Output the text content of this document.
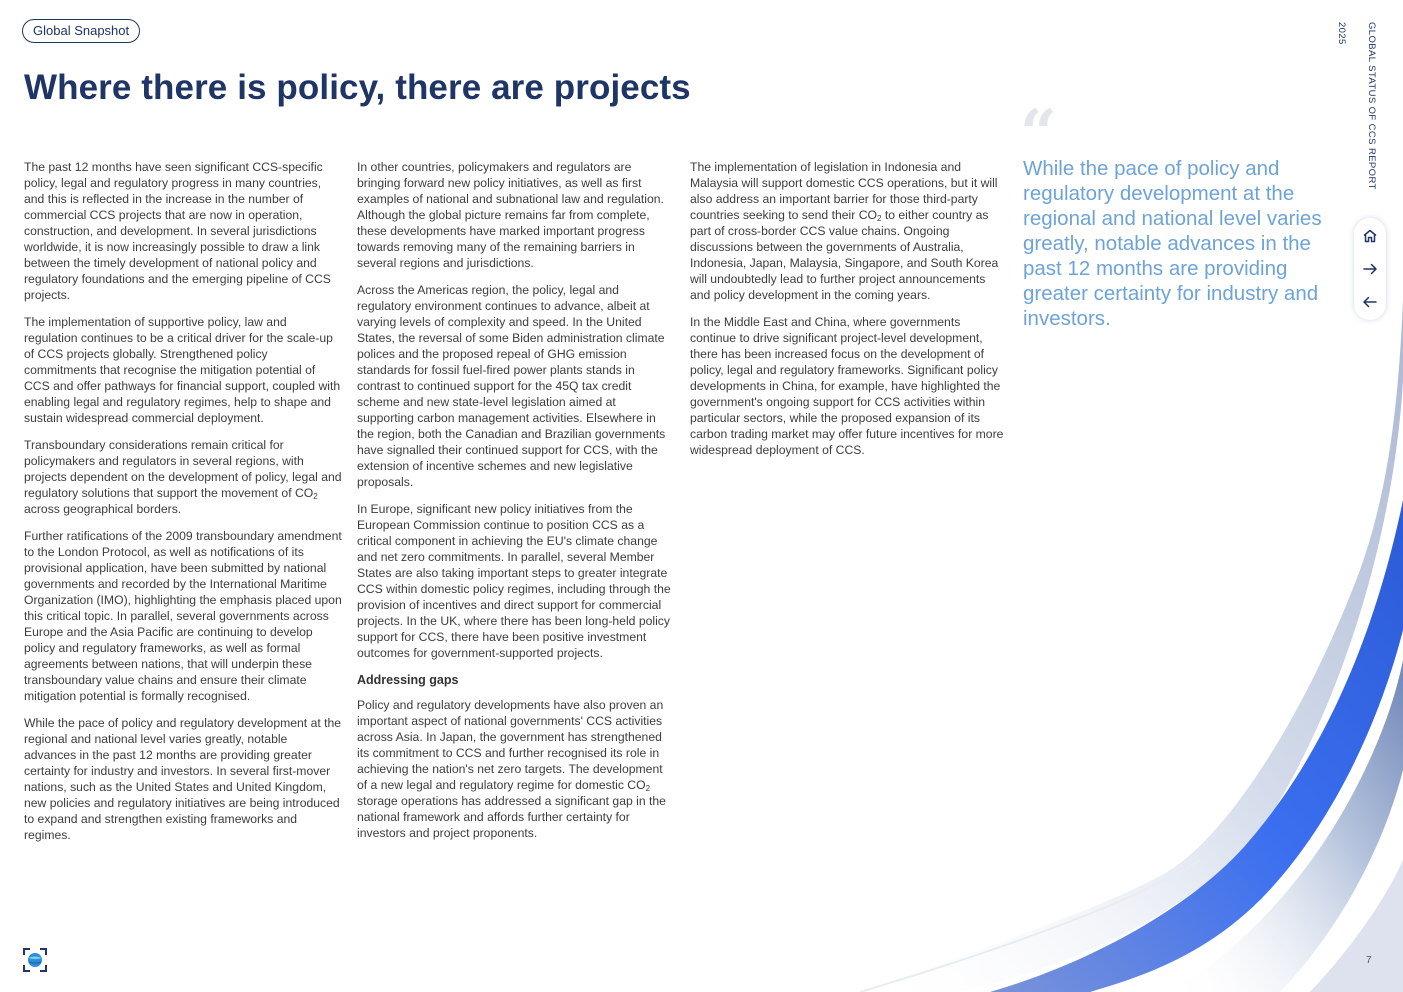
Global Snapshot
Where there is policy, there are projects

The past 12 months have seen significant CCS-specific policy, legal and regulatory progress in many countries, and this is reflected in the increase in the number of commercial CCS projects that are now in operation, construction, and development. In several jurisdictions worldwide, it is now increasingly possible to draw a link between the timely development of national policy and regulatory foundations and the emerging pipeline of CCS projects.

The implementation of supportive policy, law and regulation continues to be a critical driver for the scale-up of CCS projects globally. Strengthened policy commitments that recognise the mitigation potential of CCS and offer pathways for financial support, coupled with enabling legal and regulatory regimes, help to shape and sustain widespread commercial deployment.

Transboundary considerations remain critical for policymakers and regulators in several regions, with projects dependent on the development of policy, legal and regulatory solutions that support the movement of $CO_2$ across geographical borders.

Further ratifications of the 2009 transboundary amendment to the London Protocol, as well as notifications of its provisional application, have been submitted by national governments and recorded by the International Maritime Organization (IMO), highlighting the emphasis placed upon this critical topic. In parallel, several governments across Europe and the Asia Pacific are continuing to develop policy and regulatory frameworks, as well as formal agreements between nations, that will underpin these transboundary value chains and ensure their climate mitigation potential is formally recognised.

While the pace of policy and regulatory development at the regional and national level varies greatly, notable advances in the past 12 months are providing greater certainty for industry and investors. In several first-mover nations, such as the United States and United Kingdom, new policies and regulatory initiatives are being introduced to expand and strengthen existing frameworks and regimes.

In other countries, policymakers and regulators are bringing forward new policy initiatives, as well as first examples of national and subnational law and regulation. Although the global picture remains far from complete, these developments have marked important progress towards removing many of the remaining barriers in several regions and jurisdictions.

Across the Americas region, the policy, legal and regulatory environment continues to advance, albeit at varying levels of complexity and speed. In the United States, the reversal of some Biden administration climate polices and the proposed repeal of GHG emission standards for fossil fuel-fired power plants stands in contrast to continued support for the 45Q tax credit scheme and new state-level legislation aimed at supporting carbon management activities. Elsewhere in the region, both the Canadian and Brazilian governments have signalled their continued support for CCS, with the extension of incentive schemes and new legislative proposals.

In Europe, significant new policy initiatives from the European Commission continue to position CCS as a critical component in achieving the EU's climate change and net zero commitments. In parallel, several Member States are also taking important steps to greater integrate CCS within domestic policy regimes, including through the provision of incentives and direct support for commercial projects. In the UK, where there has been long-held policy support for CCS, there have been positive investment outcomes for government-supported projects.

Addressing gaps

Policy and regulatory developments have also proven an important aspect of national governments' CCS activities across Asia. In Japan, the government has strengthened its commitment to CCS and further recognised its role in achieving the nation's net zero targets. The development of a new legal and regulatory regime for domestic $CO_2$ storage operations has addressed a significant gap in the national framework and affords further certainty for investors and project proponents.

The implementation of legislation in Indonesia and Malaysia will support domestic CCS operations, but it will also address an important barrier for those third-party countries seeking to send their $CO_2$ to either country as part of cross-border CCS value chains. Ongoing discussions between the governments of Australia, Indonesia, Japan, Malaysia, Singapore, and South Korea will undoubtedly lead to further project announcements and policy development in the coming years.

In the Middle East and China, where governments continue to drive significant project-level development, there has been increased focus on the development of policy, legal and regulatory frameworks. Significant policy developments in China, for example, have highlighted the government's ongoing support for CCS activities within particular sectors, while the proposed expansion of its carbon trading market may offer future incentives for more widespread deployment of CCS.

“

While the pace of policy and regulatory development at the regional and national level varies greatly, notable advances in the past 12 months are providing greater certainty for industry and investors.

GLOBAL STATUS OF CCS REPORT 2025
7
